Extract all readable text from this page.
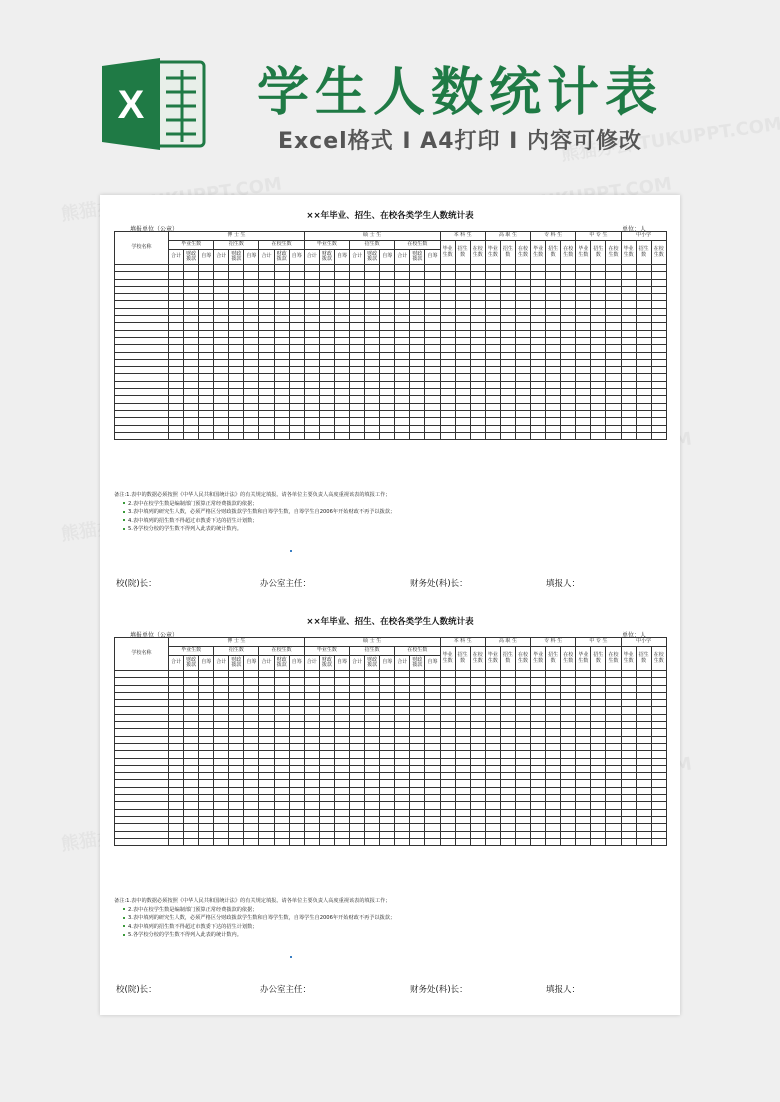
X 学生人数统计表
Excel格式 I A4打印 I 内容可修改
××年毕业、招生、在校各类学生人数统计表
填报单位（公章）	单位：人
学校名称	博 士 生									硕 士 生									本 科 生			高 职 生			专 科 生			中 专 生			中小学		
	毕业生数			招生数			在校生数			毕业生数			招生数			在校生数			毕业生数	招生数	在校生数	毕业生数	招生数	在校生数	毕业生数	招生数	在校生数	毕业生数	招生数	在校生数	毕业生数	招生数	在校生数
	合计	财政拨款	自筹	合计	财政拨款	自筹	合计	财政拨款	自筹	合计	财政拨款	自筹	合计	财政拨款	自筹	合计	财政拨款	自筹															

备注:1.表中的数据必须按照《中华人民共和国统计法》的有关规定填报。请各单位主要负责人高度重视该表的填报工作；
2.表中在校学生数是编制部门预算正常经费拨款的依据；
3.表中填列的研究生人数，必须严格区分财政拨款学生数和自筹学生数，自筹学生自2006年开始财政不再予以拨款；
4.表中填列的招生数不得超过市教委下达的招生计划数；
5.各学校分校的学生数不得列入此表的统计数内。
校(院)长：	办公室主任：	财务处(科)长：	填报人：
××年毕业、招生、在校各类学生人数统计表
填报单位（公章）	单位：人
学校名称	博 士 生									硕 士 生									本 科 生			高 职 生			专 科 生			中 专 生			中小学		
	毕业生数			招生数			在校生数			毕业生数			招生数			在校生数			毕业生数	招生数	在校生数	毕业生数	招生数	在校生数	毕业生数	招生数	在校生数	毕业生数	招生数	在校生数	毕业生数	招生数	在校生数
	合计	财政拨款	自筹	合计	财政拨款	自筹	合计	财政拨款	自筹	合计	财政拨款	自筹	合计	财政拨款	自筹	合计	财政拨款	自筹															

备注:1.表中的数据必须按照《中华人民共和国统计法》的有关规定填报。请各单位主要负责人高度重视该表的填报工作；
2.表中在校学生数是编制部门预算正常经费拨款的依据；
3.表中填列的研究生人数，必须严格区分财政拨款学生数和自筹学生数，自筹学生自2006年开始财政不再予以拨款；
4.表中填列的招生数不得超过市教委下达的招生计划数；
5.各学校分校的学生数不得列入此表的统计数内。
校(院)长：	办公室主任：	财务处(科)长：	填报人：
